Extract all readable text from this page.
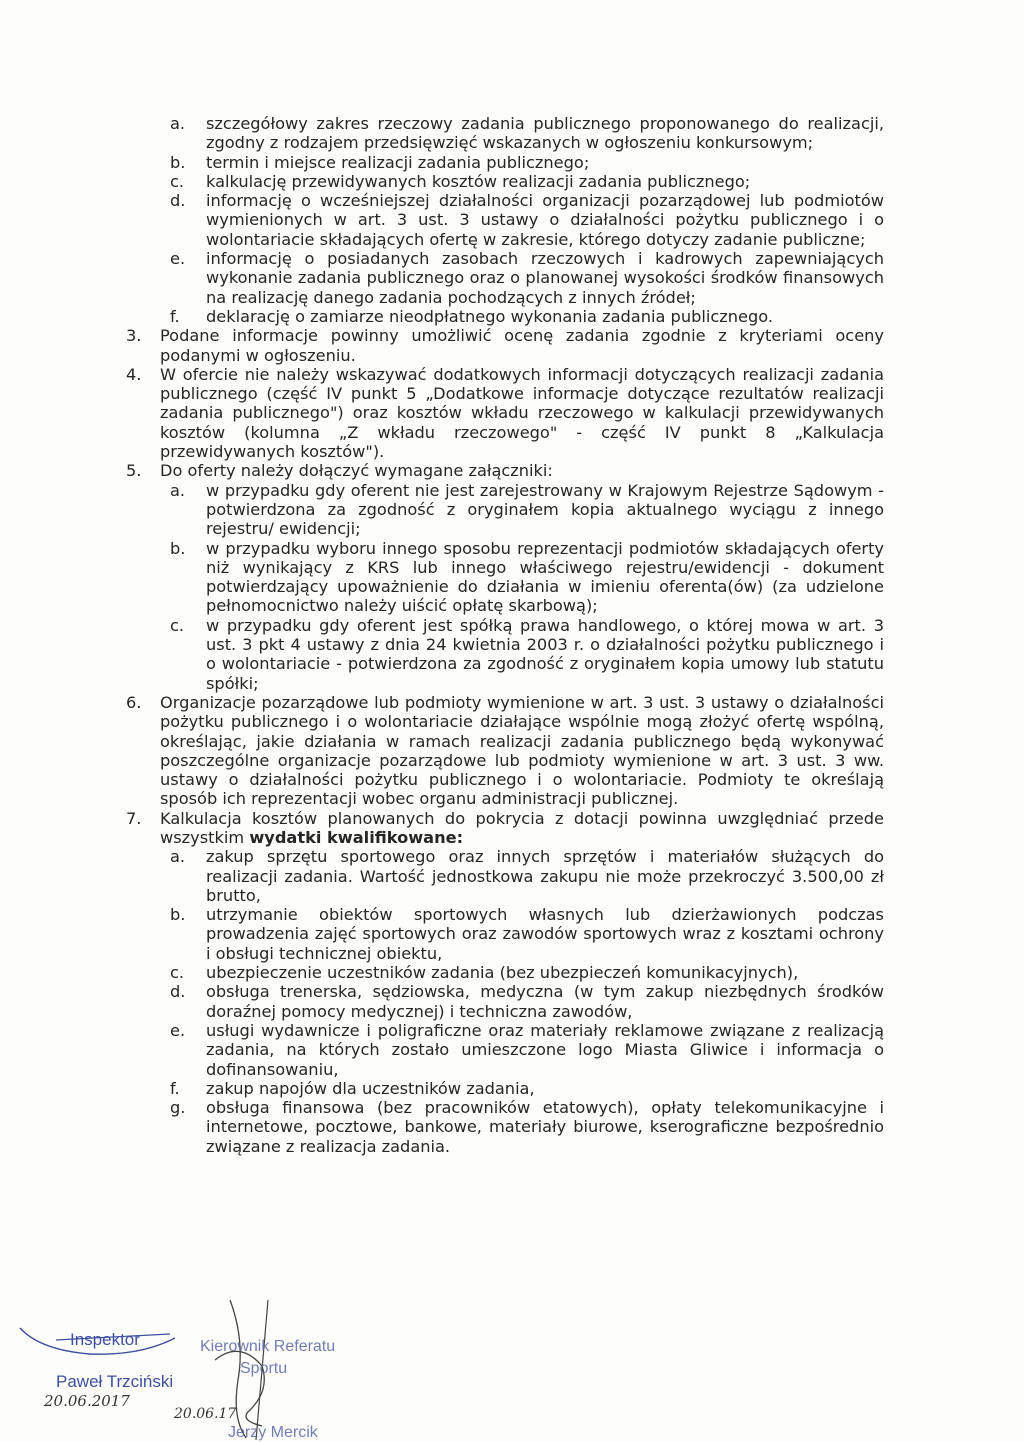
a.	szczegółowy zakres rzeczowy zadania publicznego proponowanego do realizacji, zgodny z rodzajem przedsięwzięć wskazanych w ogłoszeniu konkursowym;
b.	termin i miejsce realizacji zadania publicznego;
c.	kalkulację przewidywanych kosztów realizacji zadania publicznego;
d.	informację o wcześniejszej działalności organizacji pozarządowej lub podmiotów wymienionych w art. 3 ust. 3 ustawy o działalności pożytku publicznego i o wolontariacie składających ofertę w zakresie, którego dotyczy zadanie publiczne;
e.	informację o posiadanych zasobach rzeczowych i kadrowych zapewniających wykonanie zadania publicznego oraz o planowanej wysokości środków finansowych na realizację danego zadania pochodzących z innych źródeł;
f.	deklarację o zamiarze nieodpłatnego wykonania zadania publicznego.
3.	Podane informacje powinny umożliwić ocenę zadania zgodnie z kryteriami oceny podanymi w ogłoszeniu.
4.	W ofercie nie należy wskazywać dodatkowych informacji dotyczących realizacji zadania publicznego (część IV punkt 5 „Dodatkowe informacje dotyczące rezultatów realizacji zadania publicznego") oraz kosztów wkładu rzeczowego w kalkulacji przewidywanych kosztów (kolumna „Z wkładu rzeczowego" - część IV punkt 8 „Kalkulacja przewidywanych kosztów").
5.	Do oferty należy dołączyć wymagane załączniki:
a.	w przypadku gdy oferent nie jest zarejestrowany w Krajowym Rejestrze Sądowym - potwierdzona za zgodność z oryginałem kopia aktualnego wyciągu z innego rejestru/ ewidencji;
b.	w przypadku wyboru innego sposobu reprezentacji podmiotów składających oferty niż wynikający z KRS lub innego właściwego rejestru/ewidencji - dokument potwierdzający upoważnienie do działania w imieniu oferenta(ów) (za udzielone pełnomocnictwo należy uiścić opłatę skarbową);
c.	w przypadku gdy oferent jest spółką prawa handlowego, o której mowa w art. 3 ust. 3 pkt 4 ustawy z dnia 24 kwietnia 2003 r. o działalności pożytku publicznego i o wolontariacie - potwierdzona za zgodność z oryginałem kopia umowy lub statutu spółki;
6.	Organizacje pozarządowe lub podmioty wymienione w art. 3 ust. 3 ustawy o działalności pożytku publicznego i o wolontariacie działające wspólnie mogą złożyć ofertę wspólną, określając, jakie działania w ramach realizacji zadania publicznego będą wykonywać poszczególne organizacje pozarządowe lub podmioty wymienione w art. 3 ust. 3 ww. ustawy o działalności pożytku publicznego i o wolontariacie. Podmioty te określają sposób ich reprezentacji wobec organu administracji publicznej.
7.	Kalkulacja kosztów planowanych do pokrycia z dotacji powinna uwzględniać przede wszystkim wydatki kwalifikowane:
a.	zakup sprzętu sportowego oraz innych sprzętów i materiałów służących do realizacji zadania. Wartość jednostkowa zakupu nie może przekroczyć 3.500,00 zł brutto,
b.	utrzymanie obiektów sportowych własnych lub dzierżawionych podczas prowadzenia zajęć sportowych oraz zawodów sportowych wraz z kosztami ochrony i obsługi technicznej obiektu,
c.	ubezpieczenie uczestników zadania (bez ubezpieczeń komunikacyjnych),
d.	obsługa trenerska, sędziowska, medyczna (w tym zakup niezbędnych środków doraźnej pomocy medycznej) i techniczna zawodów,
e.	usługi wydawnicze i poligraficzne oraz materiały reklamowe związane z realizacją zadania, na których zostało umieszczone logo Miasta Gliwice i informacja o dofinansowaniu,
f.	zakup napojów dla uczestników zadania,
g.	obsługa finansowa (bez pracowników etatowych), opłaty telekomunikacyjne i internetowe, pocztowe, bankowe, materiały biurowe, kserograficzne bezpośrednio związane z realizacja zadania.
Inspektor
Paweł Trzciński
20.06.2017
Kierownik Referatu
Sportu
Jerzy Mercik
20.06.17
